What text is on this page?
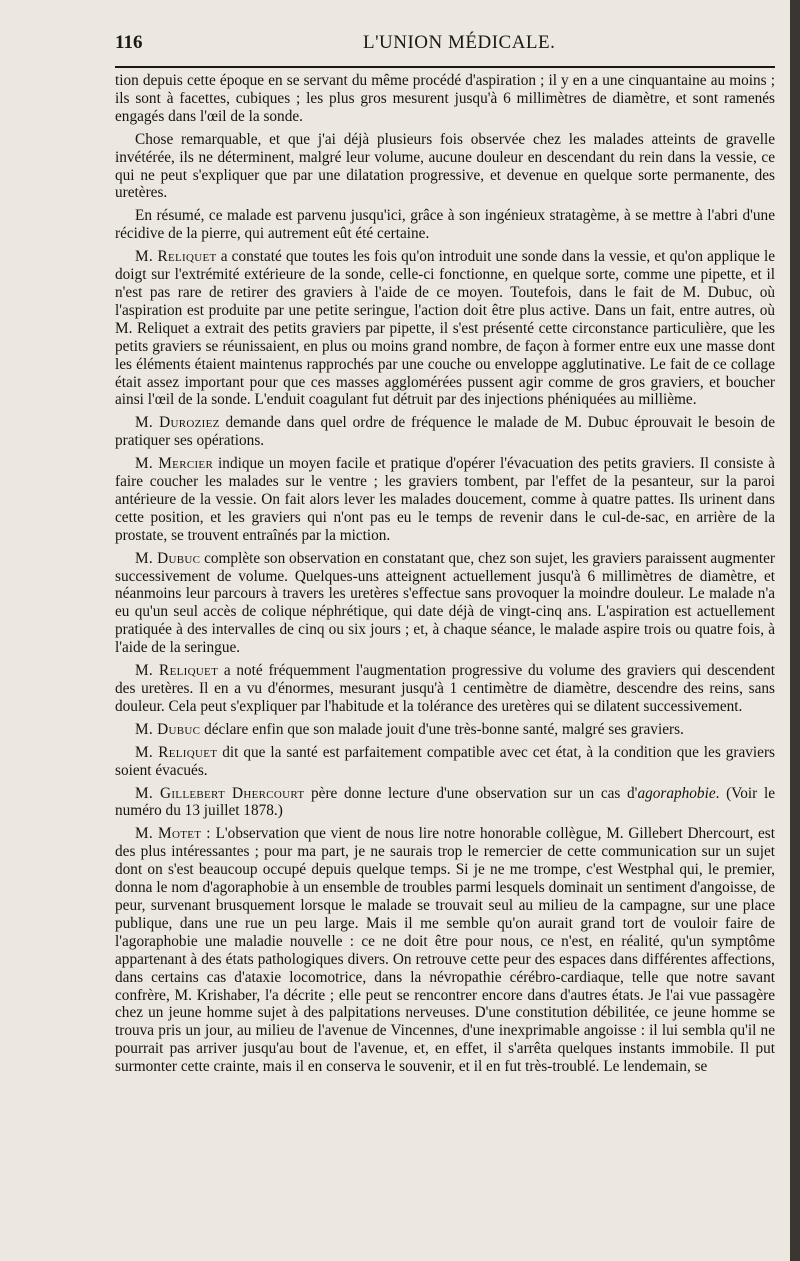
116	L'UNION MÉDICALE.

tion depuis cette époque en se servant du même procédé d'aspiration ; il y en a une cinquantaine au moins ; ils sont à facettes, cubiques ; les plus gros mesurent jusqu'à 6 millimètres de diamètre, et sont ramenés engagés dans l'œil de la sonde.

Chose remarquable, et que j'ai déjà plusieurs fois observée chez les malades atteints de gravelle invétérée, ils ne déterminent, malgré leur volume, aucune douleur en descendant du rein dans la vessie, ce qui ne peut s'expliquer que par une dilatation progressive, et devenue en quelque sorte permanente, des uretères.

En résumé, ce malade est parvenu jusqu'ici, grâce à son ingénieux stratagème, à se mettre à l'abri d'une récidive de la pierre, qui autrement eût été certaine.

M. Reliquet a constaté que toutes les fois qu'on introduit une sonde dans la vessie, et qu'on applique le doigt sur l'extrémité extérieure de la sonde, celle-ci fonctionne, en quelque sorte, comme une pipette, et il n'est pas rare de retirer des graviers à l'aide de ce moyen. Toutefois, dans le fait de M. Dubuc, où l'aspiration est produite par une petite seringue, l'action doit être plus active. Dans un fait, entre autres, où M. Reliquet a extrait des petits graviers par pipette, il s'est présenté cette circonstance particulière, que les petits graviers se réunissaient, en plus ou moins grand nombre, de façon à former entre eux une masse dont les éléments étaient maintenus rapprochés par une couche ou enveloppe agglutinative. Le fait de ce collage était assez important pour que ces masses agglomérées pussent agir comme de gros graviers, et boucher ainsi l'œil de la sonde. L'enduit coagulant fut détruit par des injections phéniquées au millième.

M. Duroziez demande dans quel ordre de fréquence le malade de M. Dubuc éprouvait le besoin de pratiquer ses opérations.

M. Mercier indique un moyen facile et pratique d'opérer l'évacuation des petits graviers. Il consiste à faire coucher les malades sur le ventre ; les graviers tombent, par l'effet de la pesanteur, sur la paroi antérieure de la vessie. On fait alors lever les malades doucement, comme à quatre pattes. Ils urinent dans cette position, et les graviers qui n'ont pas eu le temps de revenir dans le cul-de-sac, en arrière de la prostate, se trouvent entraînés par la miction.

M. Dubuc complète son observation en constatant que, chez son sujet, les graviers paraissent augmenter successivement de volume. Quelques-uns atteignent actuellement jusqu'à 6 millimètres de diamètre, et néanmoins leur parcours à travers les uretères s'effectue sans provoquer la moindre douleur. Le malade n'a eu qu'un seul accès de colique néphrétique, qui date déjà de vingt-cinq ans. L'aspiration est actuellement pratiquée à des intervalles de cinq ou six jours ; et, à chaque séance, le malade aspire trois ou quatre fois, à l'aide de la seringue.

M. Reliquet a noté fréquemment l'augmentation progressive du volume des graviers qui descendent des uretères. Il en a vu d'énormes, mesurant jusqu'à 1 centimètre de diamètre, descendre des reins, sans douleur. Cela peut s'expliquer par l'habitude et la tolérance des uretères qui se dilatent successivement.

M. Dubuc déclare enfin que son malade jouit d'une très-bonne santé, malgré ses graviers.

M. Reliquet dit que la santé est parfaitement compatible avec cet état, à la condition que les graviers soient évacués.

M. Gillebert Dhercourt père donne lecture d'une observation sur un cas d'agoraphobie. (Voir le numéro du 13 juillet 1878.)

M. Motet : L'observation que vient de nous lire notre honorable collègue, M. Gillebert Dhercourt, est des plus intéressantes ; pour ma part, je ne saurais trop le remercier de cette communication sur un sujet dont on s'est beaucoup occupé depuis quelque temps. Si je ne me trompe, c'est Westphal qui, le premier, donna le nom d'agoraphobie à un ensemble de troubles parmi lesquels dominait un sentiment d'angoisse, de peur, survenant brusquement lorsque le malade se trouvait seul au milieu de la campagne, sur une place publique, dans une rue un peu large. Mais il me semble qu'on aurait grand tort de vouloir faire de l'agoraphobie une maladie nouvelle : ce ne doit être pour nous, ce n'est, en réalité, qu'un symptôme appartenant à des états pathologiques divers. On retrouve cette peur des espaces dans différentes affections, dans certains cas d'ataxie locomotrice, dans la névropathie cérébro-cardiaque, telle que notre savant confrère, M. Krishaber, l'a décrite ; elle peut se rencontrer encore dans d'autres états. Je l'ai vue passagère chez un jeune homme sujet à des palpitations nerveuses. D'une constitution débilitée, ce jeune homme se trouva pris un jour, au milieu de l'avenue de Vincennes, d'une inexprimable angoisse : il lui sembla qu'il ne pourrait pas arriver jusqu'au bout de l'avenue, et, en effet, il s'arrêta quelques instants immobile. Il put surmonter cette crainte, mais il en conserva le souvenir, et il en fut très-troublé. Le lendemain, se
